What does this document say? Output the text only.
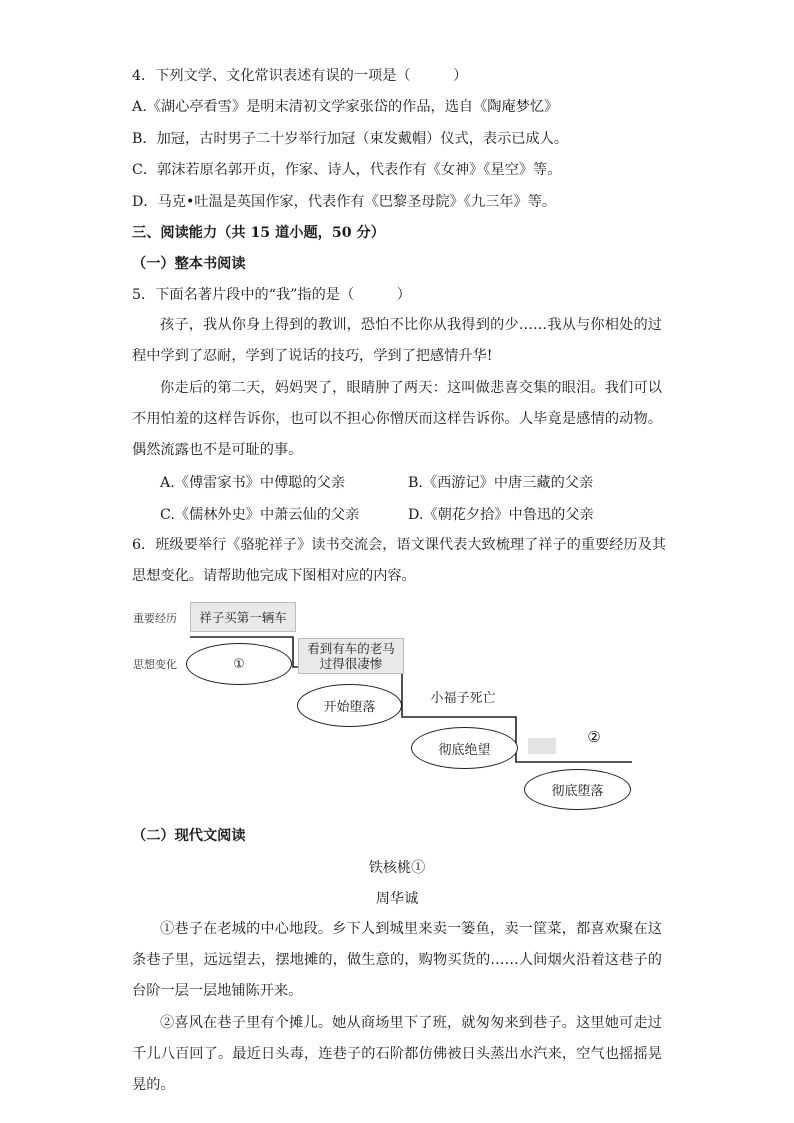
4．下列文学、文化常识表述有误的一项是（　　　）
A.《湖心亭看雪》是明末清初文学家张岱的作品，选自《陶庵梦忆》
B．加冠，古时男子二十岁举行加冠（束发戴帽）仪式，表示已成人。
C．郭沫若原名郭开贞，作家、诗人，代表作有《女神》《星空》等。
D．马克•吐温是英国作家，代表作有《巴黎圣母院》《九三年》等。
三、阅读能力（共 15 道小题，50 分）
（一）整本书阅读
5．下面名著片段中的“我”指的是（　　　）
孩子，我从你身上得到的教训，恐怕不比你从我得到的少……我从与你相处的过程中学到了忍耐，学到了说话的技巧，学到了把感情升华!
你走后的第二天，妈妈哭了，眼睛肿了两天：这叫做悲喜交集的眼泪。我们可以不用怕羞的这样告诉你，也可以不担心你憎厌而这样告诉你。人毕竟是感情的动物。偶然流露也不是可耻的事。
A.《傅雷家书》中傅聪的父亲	B.《西游记》中唐三藏的父亲
C.《儒林外史》中萧云仙的父亲	D.《朝花夕拾》中鲁迅的父亲
6．班级要举行《骆驼祥子》读书交流会，语文课代表大致梳理了祥子的重要经历及其
思想变化。请帮助他完成下图相对应的内容。
重要经历
思想变化
祥子买第一辆车
①
看到有车的老马
过得很凄惨
开始堕落
小福子死亡
彻底绝望
②
彻底堕落
（二）现代文阅读
铁核桃①
周华诚
①巷子在老城的中心地段。乡下人到城里来卖一篓鱼，卖一筐菜，都喜欢聚在这条巷子里，远远望去，摆地摊的，做生意的，购物买货的……人间烟火沿着这巷子的台阶一层一层地铺陈开来。
②喜风在巷子里有个摊儿。她从商场里下了班，就匆匆来到巷子。这里她可走过千儿八百回了。最近日头毒，连巷子的石阶都仿佛被日头蒸出水汽来，空气也摇摇晃晃的。
